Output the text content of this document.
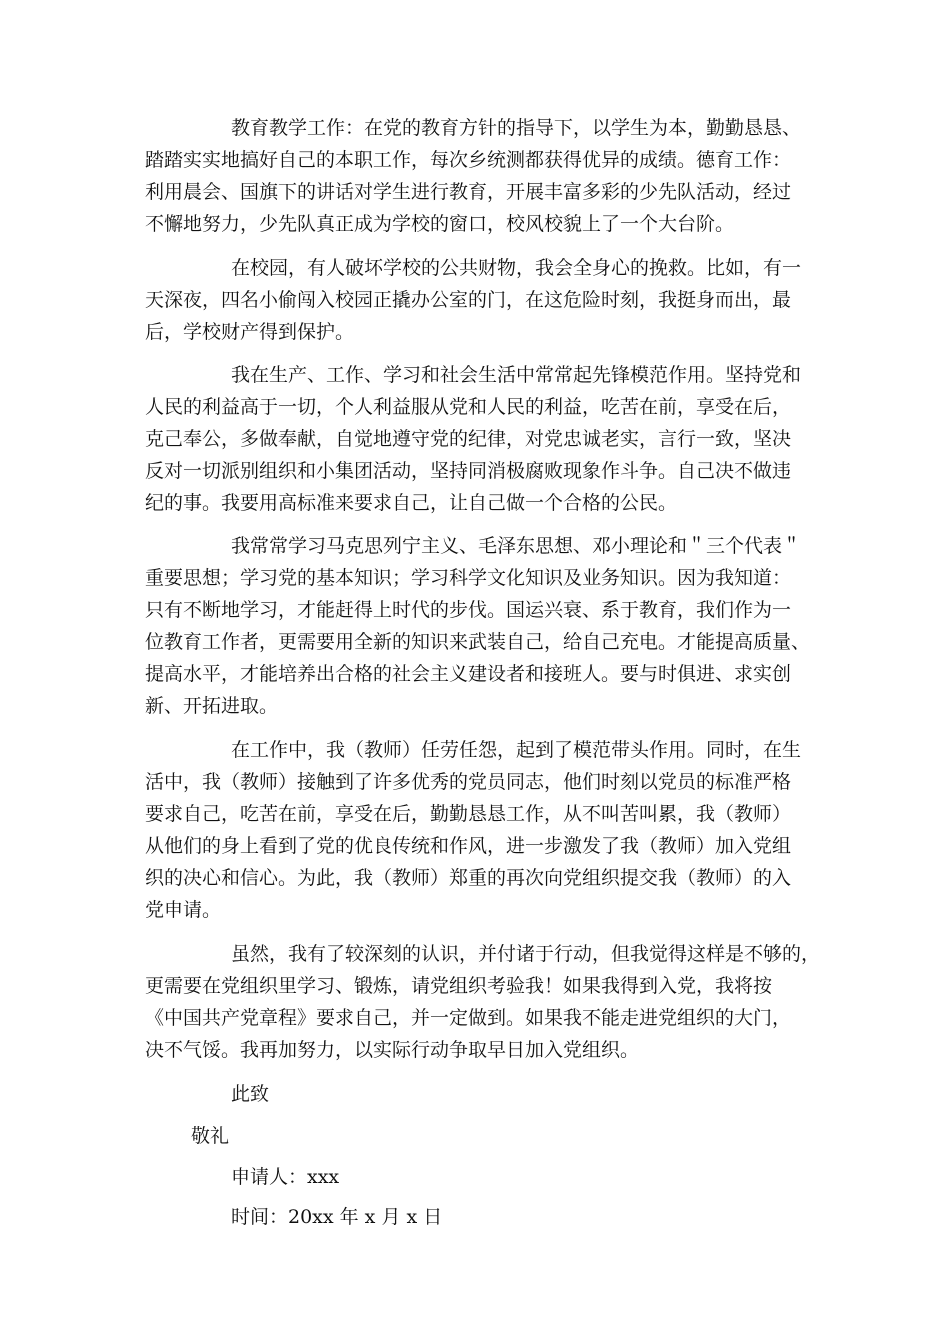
教育教学工作：在党的教育方针的指导下，以学生为本，勤勤恳恳、
踏踏实实地搞好自己的本职工作，每次乡统测都获得优异的成绩。德育工作：
利用晨会、国旗下的讲话对学生进行教育，开展丰富多彩的少先队活动，经过
不懈地努力，少先队真正成为学校的窗口，校风校貌上了一个大台阶。
在校园，有人破坏学校的公共财物，我会全身心的挽救。比如，有一
天深夜，四名小偷闯入校园正撬办公室的门，在这危险时刻，我挺身而出，最
后，学校财产得到保护。
我在生产、工作、学习和社会生活中常常起先锋模范作用。坚持党和
人民的利益高于一切，个人利益服从党和人民的利益，吃苦在前，享受在后，
克己奉公，多做奉献，自觉地遵守党的纪律，对党忠诚老实，言行一致，坚决
反对一切派别组织和小集团活动，坚持同消极腐败现象作斗争。自己决不做违
纪的事。我要用高标准来要求自己，让自己做一个合格的公民。
我常常学习马克思列宁主义、毛泽东思想、邓小理论和＂三个代表＂
重要思想；学习党的基本知识；学习科学文化知识及业务知识。因为我知道：
只有不断地学习，才能赶得上时代的步伐。国运兴衰、系于教育，我们作为一
位教育工作者，更需要用全新的知识来武装自己，给自己充电。才能提高质量、
提高水平，才能培养出合格的社会主义建设者和接班人。要与时俱进、求实创
新、开拓进取。
在工作中，我（教师）任劳任怨，起到了模范带头作用。同时，在生
活中，我（教师）接触到了许多优秀的党员同志，他们时刻以党员的标准严格
要求自己，吃苦在前，享受在后，勤勤恳恳工作，从不叫苦叫累，我（教师）
从他们的身上看到了党的优良传统和作风，进一步激发了我（教师）加入党组
织的决心和信心。为此，我（教师）郑重的再次向党组织提交我（教师）的入
党申请。
虽然，我有了较深刻的认识，并付诸于行动，但我觉得这样是不够的，
更需要在党组织里学习、锻炼，请党组织考验我！如果我得到入党，我将按
《中国共产党章程》要求自己，并一定做到。如果我不能走进党组织的大门，
决不气馁。我再加努力，以实际行动争取早日加入党组织。
此致
敬礼
申请人：xxx
时间：20xx 年 x 月 x 日
